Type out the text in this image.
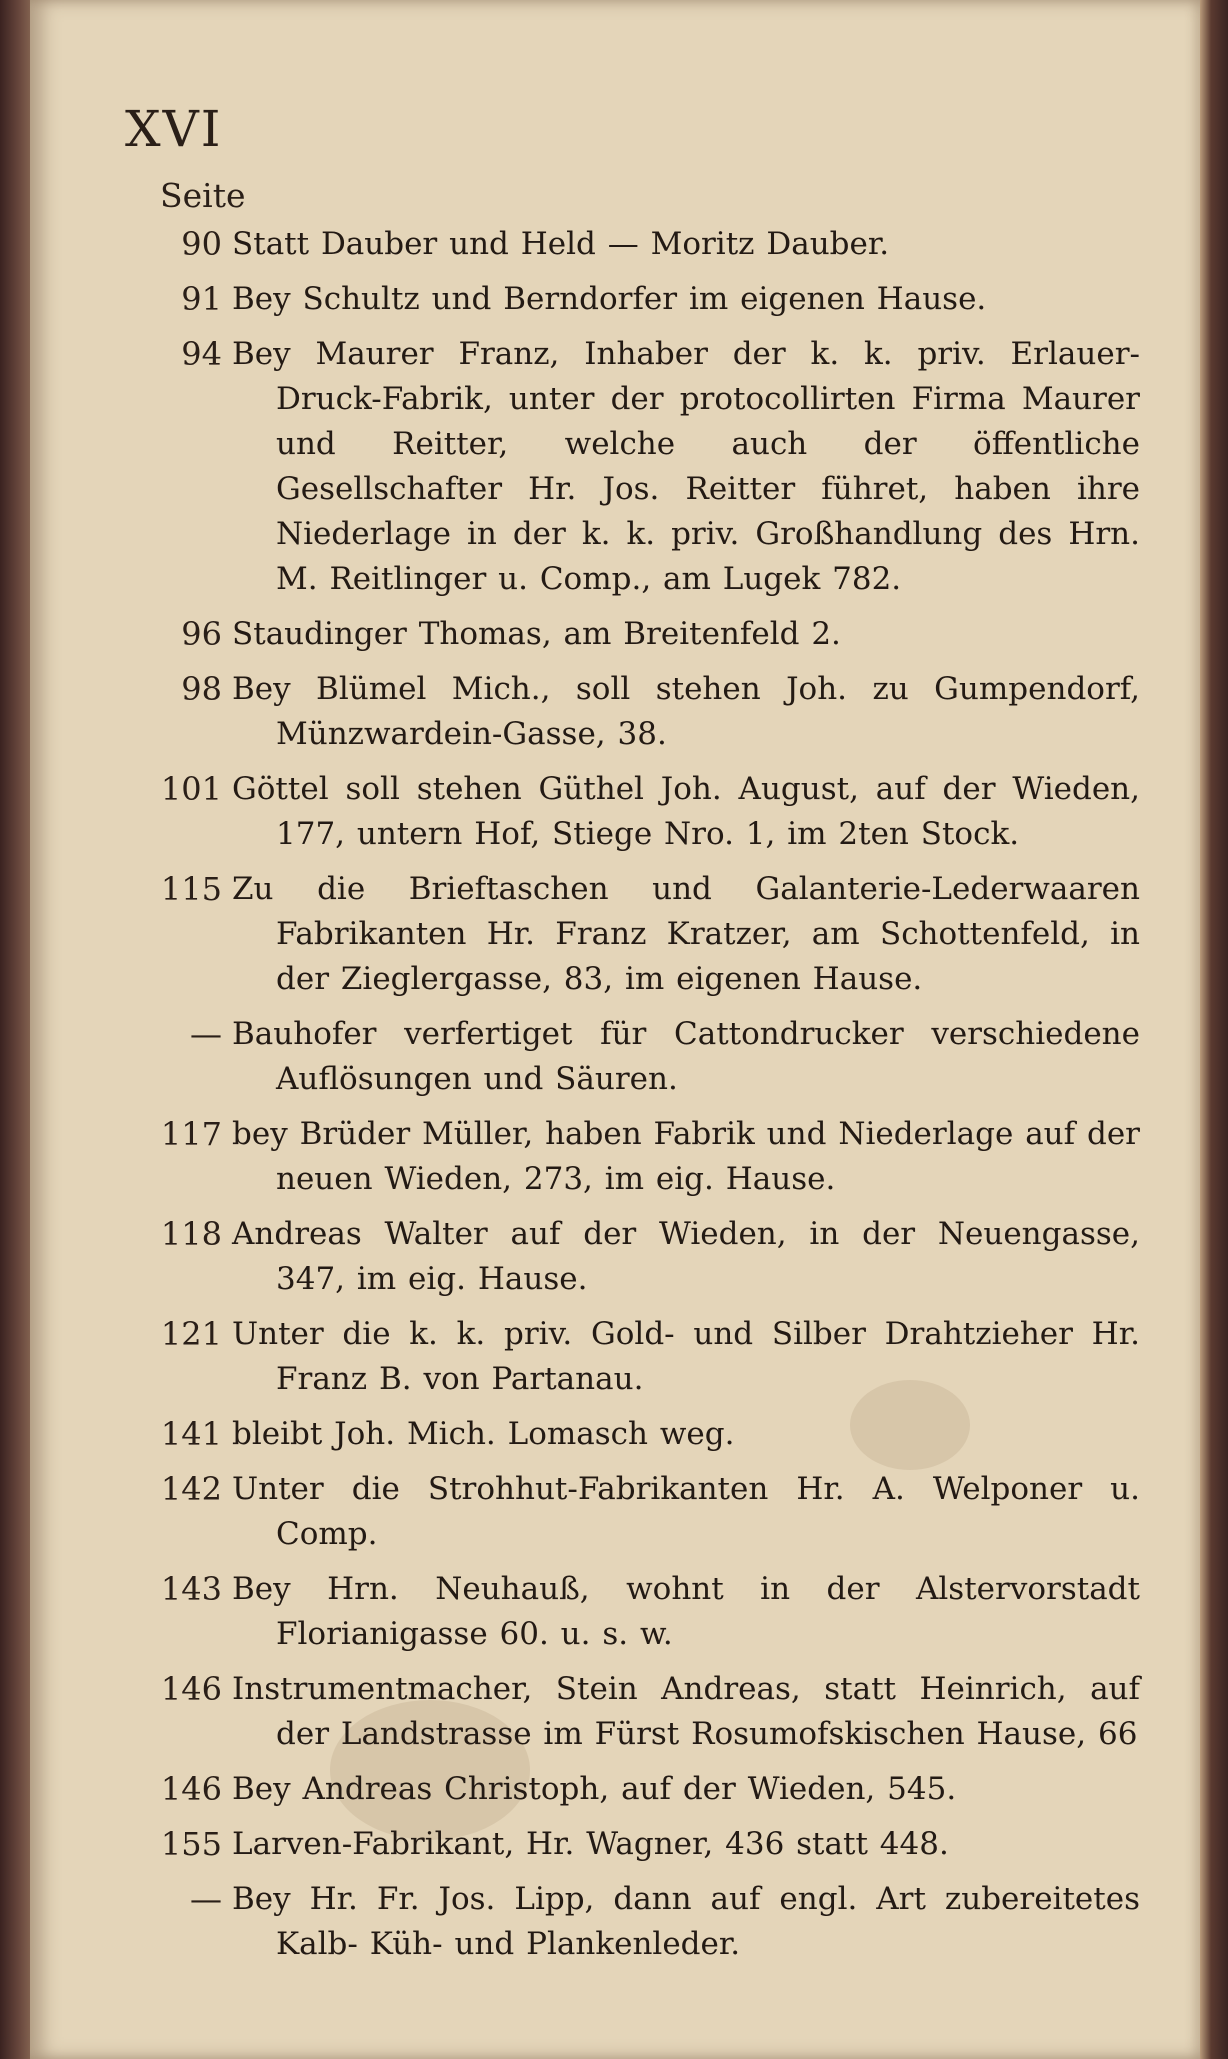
XVI
Seite
90 Statt Dauber und Held — Moritz Dauber.
91 Bey Schultz und Berndorfer im eigenen Hause.
94 Bey Maurer Franz, Inhaber der k. k. priv. Erlauer-Druck-Fabrik, unter der protocollirten Firma Maurer und Reitter, welche auch der öffentliche Gesellschafter Hr. Jos. Reitter führet, haben ihre Niederlage in der k. k. priv. Großhandlung des Hrn. M. Reitlinger u. Comp., am Lugek 782.
96 Staudinger Thomas, am Breitenfeld 2.
98 Bey Blümel Mich., soll stehen Joh. zu Gumpendorf, Münzwardein-Gasse, 38.
101 Göttel soll stehen Güthel Joh. August, auf der Wieden, 177, untern Hof, Stiege Nro. 1, im 2ten Stock.
115 Zu die Brieftaschen und Galanterie-Lederwaaren Fabrikanten Hr. Franz Kratzer, am Schottenfeld, in der Zieglergasse, 83, im eigenen Hause.
— Bauhofer verfertiget für Cattondrucker verschiedene Auflösungen und Säuren.
117 bey Brüder Müller, haben Fabrik und Niederlage auf der neuen Wieden, 273, im eig. Hause.
118 Andreas Walter auf der Wieden, in der Neuengasse, 347, im eig. Hause.
121 Unter die k. k. priv. Gold- und Silber Drahtzieher Hr. Franz B. von Partanau.
141 bleibt Joh. Mich. Lomasch weg.
142 Unter die Strohhut-Fabrikanten Hr. A. Welponer u. Comp.
143 Bey Hrn. Neuhauß, wohnt in der Alstervorstadt Florianigasse 60. u. s. w.
146 Instrumentmacher, Stein Andreas, statt Heinrich, auf der Landstrasse im Fürst Rosumofskischen Hause, 66
146 Bey Andreas Christoph, auf der Wieden, 545.
155 Larven-Fabrikant, Hr. Wagner, 436 statt 448.
— Bey Hr. Fr. Jos. Lipp, dann auf engl. Art zubereitetes Kalb- Küh- und Plankenleder.
